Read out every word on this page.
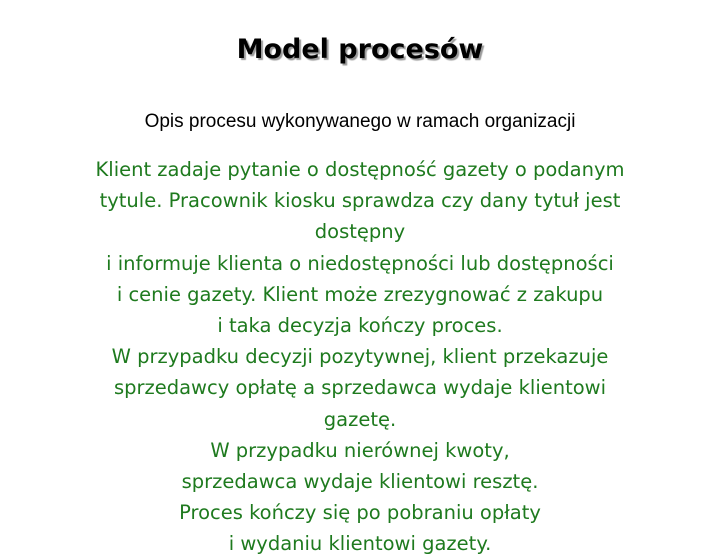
Model procesów

Opis procesu wykonywanego w ramach organizacji

Klient zadaje pytanie o dostępność gazety o podanym
tytule. Pracownik kiosku sprawdza czy dany tytuł jest
dostępny
i informuje klienta o niedostępności lub dostępności
i cenie gazety. Klient może zrezygnować z zakupu
i taka decyzja kończy proces.
W przypadku decyzji pozytywnej, klient przekazuje
sprzedawcy opłatę a sprzedawca wydaje klientowi
gazetę.
W przypadku nierównej kwoty,
sprzedawca wydaje klientowi resztę.
Proces kończy się po pobraniu opłaty
i wydaniu klientowi gazety.
